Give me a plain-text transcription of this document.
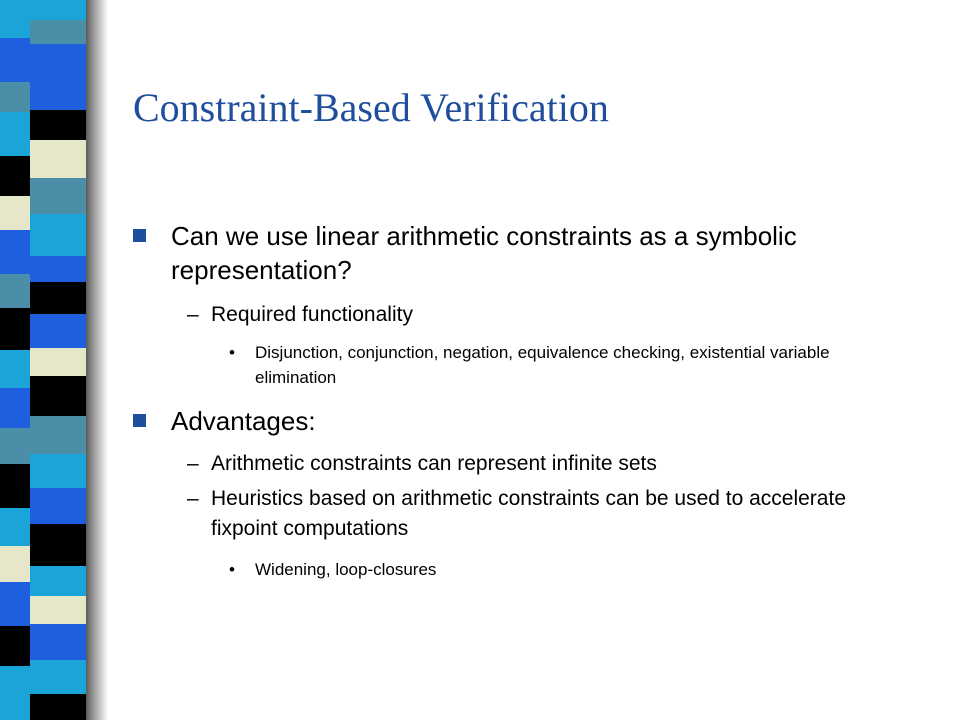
Constraint-Based Verification
Can we use linear arithmetic constraints as a symbolic representation?
– Required functionality
• Disjunction, conjunction, negation, equivalence checking, existential variable elimination
Advantages:
– Arithmetic constraints can represent infinite sets
– Heuristics based on arithmetic constraints can be used to accelerate fixpoint computations
• Widening, loop-closures
